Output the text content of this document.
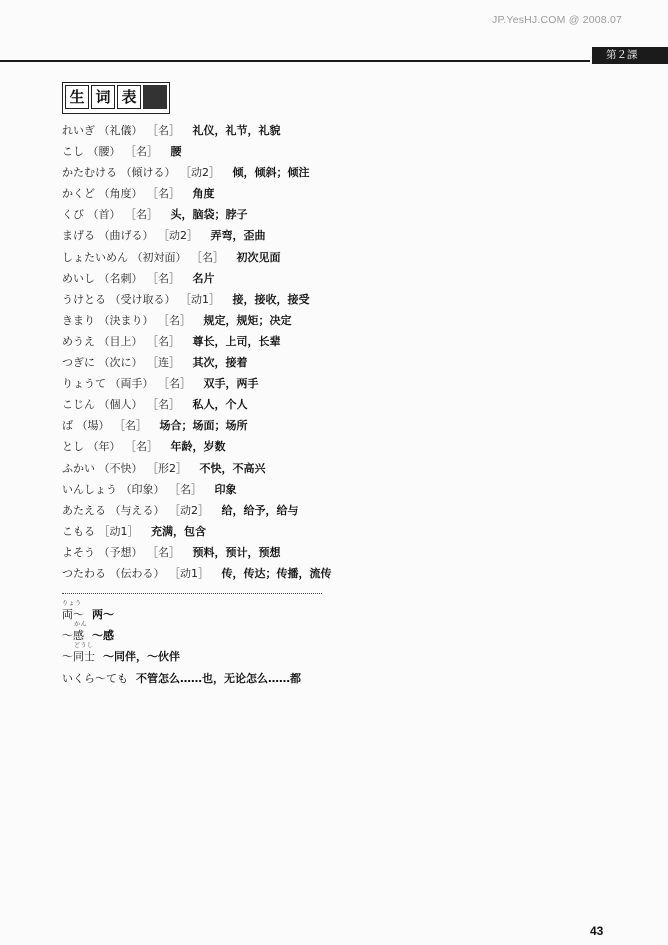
JP.YesHJ.COM @ 2008.07
第２課
生 词 表
れいぎ （ 礼儀 ） ［ 名 ］ 礼仪，礼节，礼貌
こし （ 腰 ） ［ 名 ］ 腰
かたむける （ 傾ける ） ［ 动2 ］ 倾，倾斜；倾注
かくど （ 角度 ） ［ 名 ］ 角度
くび （ 首 ） ［ 名 ］ 头，脑袋；脖子
まげる （ 曲げる ） ［ 动2 ］ 弄弯，歪曲
しょたいめん （ 初対面 ） ［ 名 ］ 初次见面
めいし （ 名刺 ） ［ 名 ］ 名片
うけとる （ 受け取る ） ［ 动1 ］ 接，接收，接受
きまり （ 決まり ） ［ 名 ］ 规定，规矩；决定
めうえ （ 目上 ） ［ 名 ］ 尊长，上司，长辈
つぎに （ 次に ） ［ 连 ］ 其次，接着
りょうて （ 両手 ） ［ 名 ］ 双手，两手
こじん （ 個人 ） ［ 名 ］ 私人，个人
ば （ 場 ） ［ 名 ］ 场合；场面；场所
とし （ 年 ） ［ 名 ］ 年龄，岁数
ふかい （ 不快 ） ［ 形2 ］ 不快，不高兴
いんしょう （ 印象 ） ［ 名 ］ 印象
あたえる （ 与える ） ［ 动2 ］ 给，给予，给与
こもる ［ 动1 ］ 充满，包含
よそう （ 予想 ） ［ 名 ］ 预料，预计，预想
つたわる （ 伝わる ） ［ 动1 ］ 传，传达；传播，流传
りょう
両～ 两～
かん
～感 ～感
どうし
～同士 ～同伴，～伙伴
いくら～ても 不管怎么……也，无论怎么……都
43
